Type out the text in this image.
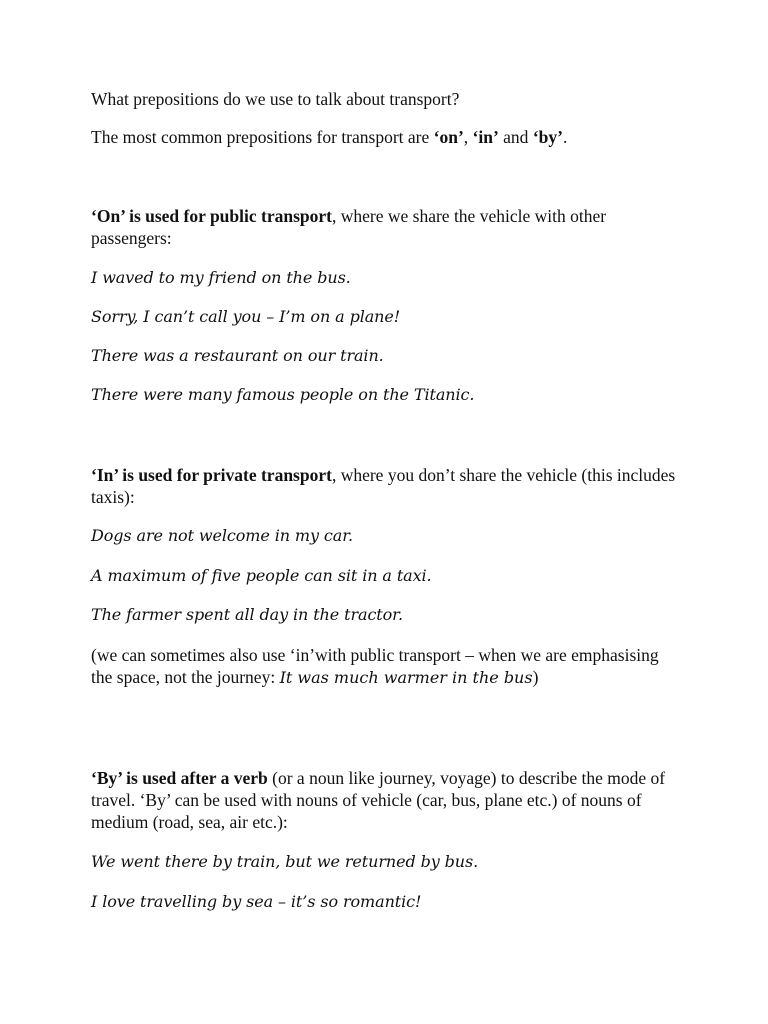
What prepositions do we use to talk about transport?

The most common prepositions for transport are ‘on’, ‘in’ and ‘by’.

‘On’ is used for public transport, where we share the vehicle with other passengers:

I waved to my friend on the bus.

Sorry, I can’t call you – I’m on a plane!

There was a restaurant on our train.

There were many famous people on the Titanic.

‘In’ is used for private transport, where you don’t share the vehicle (this includes taxis):

Dogs are not welcome in my car.

A maximum of five people can sit in a taxi.

The farmer spent all day in the tractor.

(we can sometimes also use ‘in’with public transport – when we are emphasising the space, not the journey: It was much warmer in the bus)

‘By’ is used after a verb (or a noun like journey, voyage) to describe the mode of travel. ‘By’ can be used with nouns of vehicle (car, bus, plane etc.) of nouns of medium (road, sea, air etc.):

We went there by train, but we returned by bus.

I love travelling by sea – it’s so romantic!
